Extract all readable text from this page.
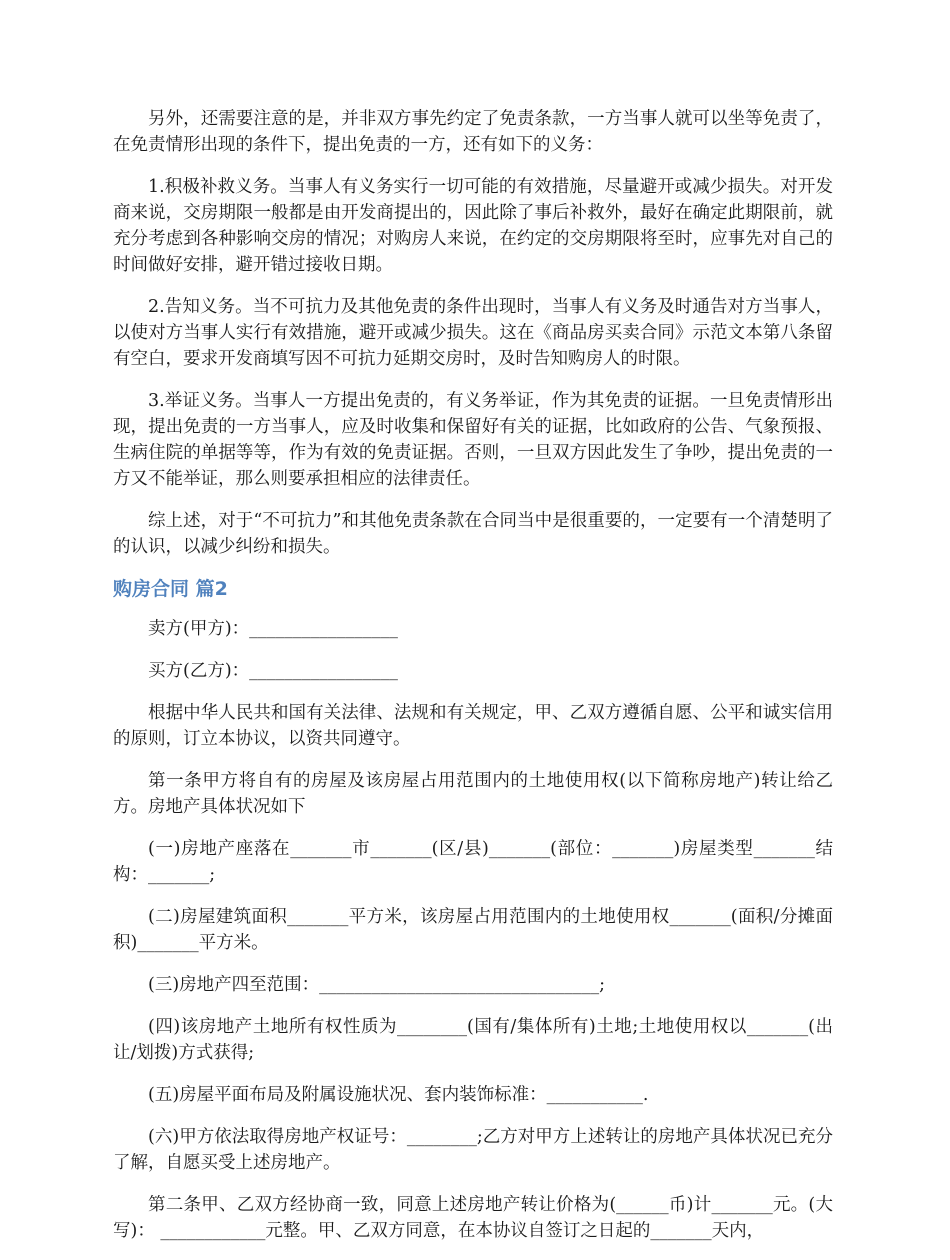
另外，还需要注意的是，并非双方事先约定了免责条款，一方当事人就可以坐等免责了，在免责情形出现的条件下，提出免责的一方，还有如下的义务：

1.积极补救义务。当事人有义务实行一切可能的有效措施，尽量避开或减少损失。对开发商来说，交房期限一般都是由开发商提出的，因此除了事后补救外，最好在确定此期限前，就充分考虑到各种影响交房的情况；对购房人来说，在约定的交房期限将至时，应事先对自己的时间做好安排，避开错过接收日期。

2.告知义务。当不可抗力及其他免责的条件出现时，当事人有义务及时通告对方当事人，以使对方当事人实行有效措施，避开或减少损失。这在《商品房买卖合同》示范文本第八条留有空白，要求开发商填写因不可抗力延期交房时，及时告知购房人的时限。

3.举证义务。当事人一方提出免责的，有义务举证，作为其免责的证据。一旦免责情形出现，提出免责的一方当事人，应及时收集和保留好有关的证据，比如政府的公告、气象预报、生病住院的单据等等，作为有效的免责证据。否则，一旦双方因此发生了争吵，提出免责的一方又不能举证，那么则要承担相应的法律责任。

综上述，对于“不可抗力”和其他免责条款在合同当中是很重要的，一定要有一个清楚明了的认识，以减少纠纷和损失。

购房合同 篇2

卖方(甲方)：_________________

买方(乙方)：_________________

根据中华人民共和国有关法律、法规和有关规定，甲、乙双方遵循自愿、公平和诚实信用的原则，订立本协议，以资共同遵守。

第一条甲方将自有的房屋及该房屋占用范围内的土地使用权(以下简称房地产)转让给乙方。房地产具体状况如下

(一)房地产座落在_______市_______(区/县)_______(部位：_______)房屋类型_______结构：_______;

(二)房屋建筑面积_______平方米，该房屋占用范围内的土地使用权_______(面积/分摊面积)_______平方米。

(三)房地产四至范围：________________________________;

(四)该房地产土地所有权性质为________(国有/集体所有)土地;土地使用权以_______(出让/划拨)方式获得;

(五)房屋平面布局及附属设施状况、套内装饰标准：___________.

(六)甲方依法取得房地产权证号：________;乙方对甲方上述转让的房地产具体状况已充分了解，自愿买受上述房地产。

第二条甲、乙双方经协商一致，同意上述房地产转让价格为(______币)计_______元。(大写)： ____________元整。甲、乙双方同意，在本协议自签订之日起的_______天内，
